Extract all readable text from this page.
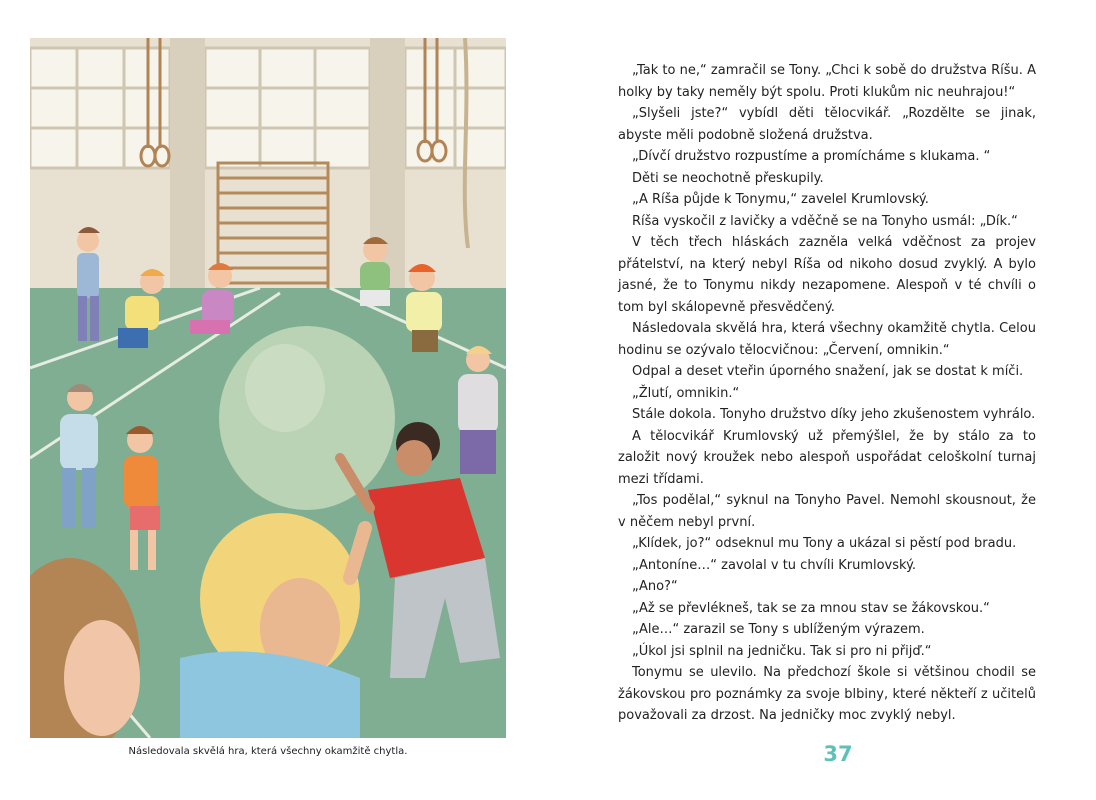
Následovala skvělá hra, která všechny okamžitě chytla.

„Tak to ne,“ zamračil se Tony. „Chci k sobě do družstva Ríšu. A holky by taky neměly být spolu. Proti klukům nic neuhrajou!“

„Slyšeli jste?“ vybídl děti tělocvikář. „Rozdělte se jinak, abyste měli podobně složená družstva.

„Dívčí družstvo rozpustíme a promícháme s klukama. “

Děti se neochotně přeskupily.

„A Ríša půjde k Tonymu,“ zavelel Krumlovský.

Ríša vyskočil z lavičky a vděčně se na Tonyho usmál: „Dík.“

V těch třech hláskách zazněla velká vděčnost za projev přátelství, na který nebyl Ríša od nikoho dosud zvyklý. A bylo jasné, že to Tonymu nikdy nezapomene. Alespoň v té chvíli o tom byl skálopevně přesvědčený.

Následovala skvělá hra, která všechny okamžitě chytla. Celou hodinu se ozývalo tělocvičnou: „Červení, omnikin.“

Odpal a deset vteřin úporného snažení, jak se dostat k míči.

„Žlutí, omnikin.“

Stále dokola. Tonyho družstvo díky jeho zkušenostem vyhrálo.

A tělocvikář Krumlovský už přemýšlel, že by stálo za to založit nový kroužek nebo alespoň uspořádat celoškolní turnaj mezi třídami.

„Tos podělal,“ syknul na Tonyho Pavel. Nemohl skousnout, že v něčem nebyl první.

„Klídek, jo?“ odseknul mu Tony a ukázal si pěstí pod bradu.

„Antoníne…“ zavolal v tu chvíli Krumlovský.

„Ano?“

„Až se převlékneš, tak se za mnou stav se žákovskou.“

„Ale…“ zarazil se Tony s ublíženým výrazem.

„Úkol jsi splnil na jedničku. Tak si pro ni přijď.“

Tonymu se ulevilo. Na předchozí škole si většinou chodil se žákovskou pro poznámky za svoje blbiny, které někteří z učitelů považovali za drzost. Na jedničky moc zvyklý nebyl.

37
